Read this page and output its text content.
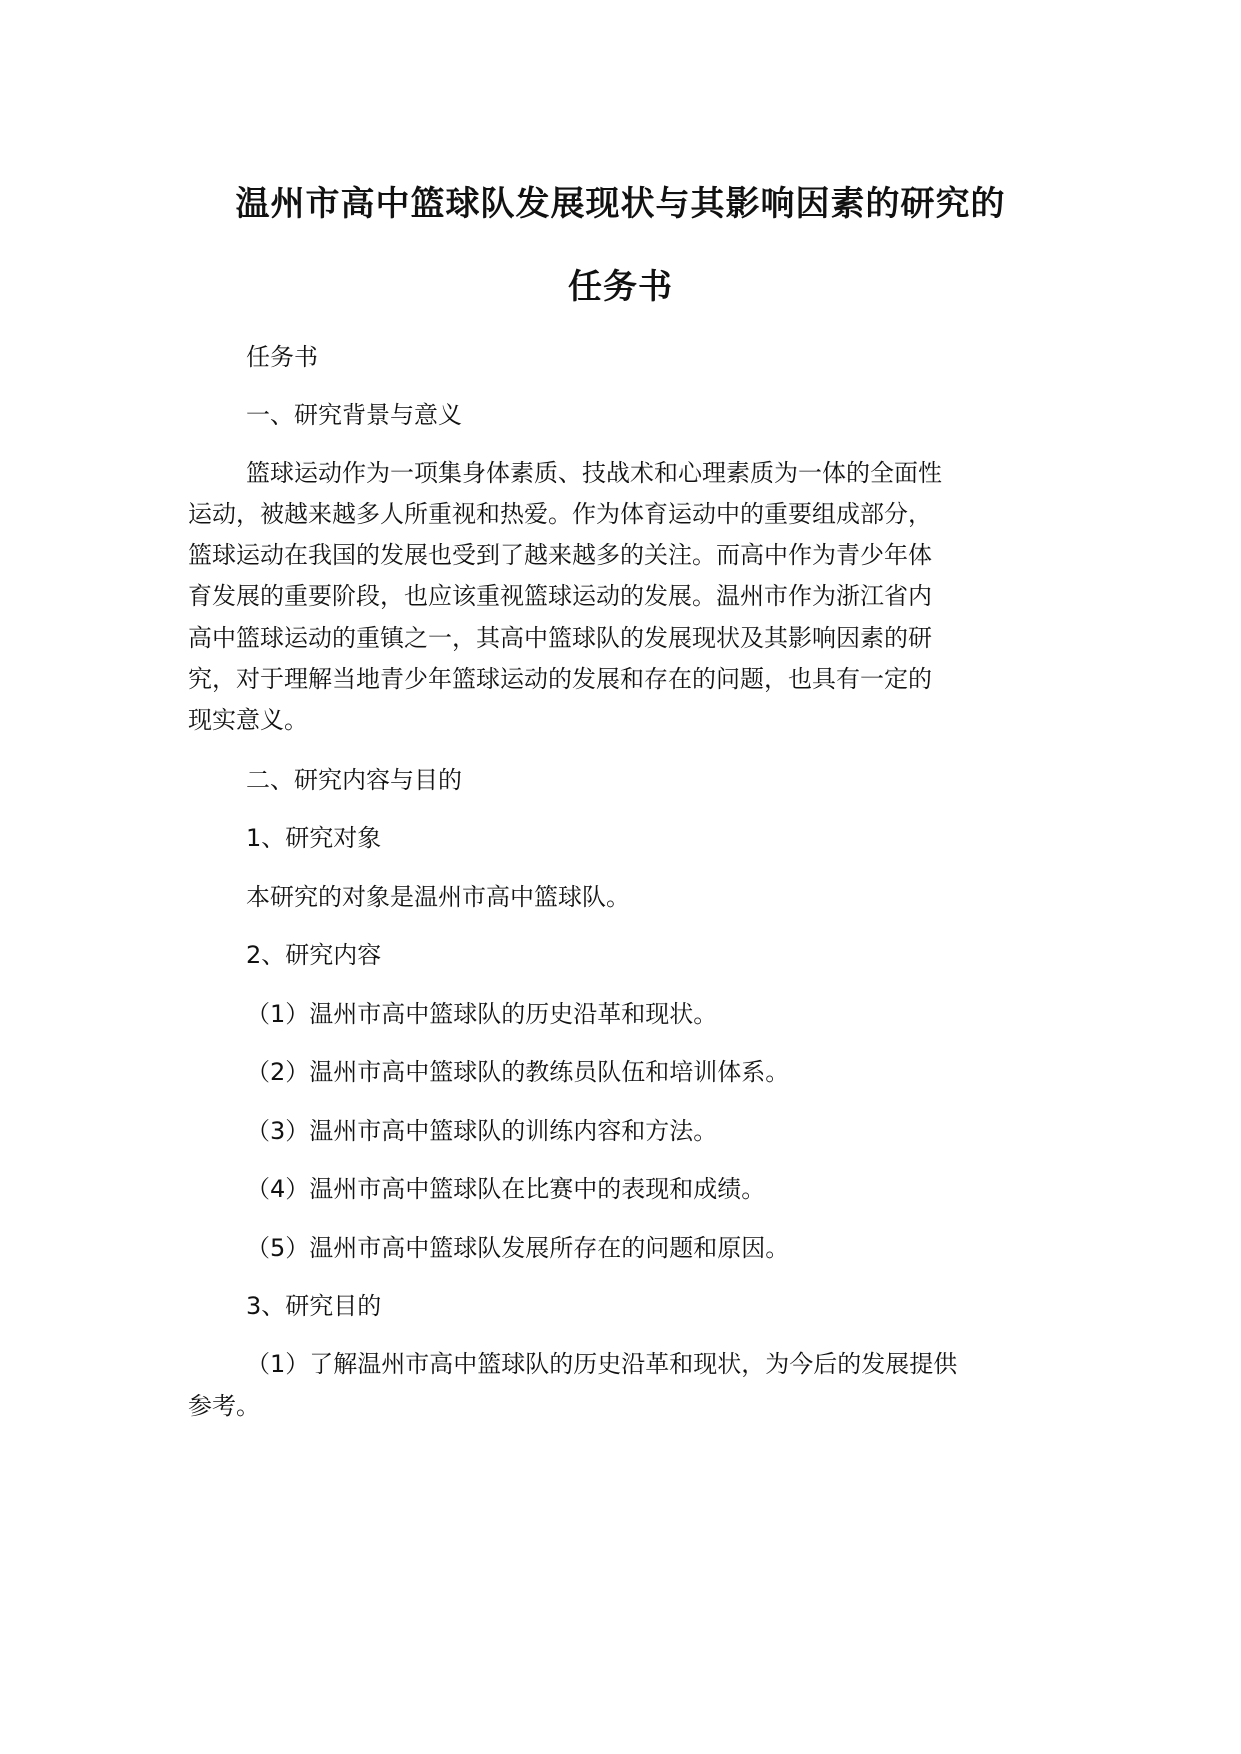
温州市高中篮球队发展现状与其影响因素的研究的
任务书
任务书
一、研究背景与意义
篮球运动作为一项集身体素质、技战术和心理素质为一体的全面性
运动，被越来越多人所重视和热爱。作为体育运动中的重要组成部分，
篮球运动在我国的发展也受到了越来越多的关注。而高中作为青少年体
育发展的重要阶段，也应该重视篮球运动的发展。温州市作为浙江省内
高中篮球运动的重镇之一，其高中篮球队的发展现状及其影响因素的研
究，对于理解当地青少年篮球运动的发展和存在的问题，也具有一定的
现实意义。
二、研究内容与目的
1、研究对象
本研究的对象是温州市高中篮球队。
2、研究内容
（1）温州市高中篮球队的历史沿革和现状。
（2）温州市高中篮球队的教练员队伍和培训体系。
（3）温州市高中篮球队的训练内容和方法。
（4）温州市高中篮球队在比赛中的表现和成绩。
（5）温州市高中篮球队发展所存在的问题和原因。
3、研究目的
（1）了解温州市高中篮球队的历史沿革和现状，为今后的发展提供
参考。
